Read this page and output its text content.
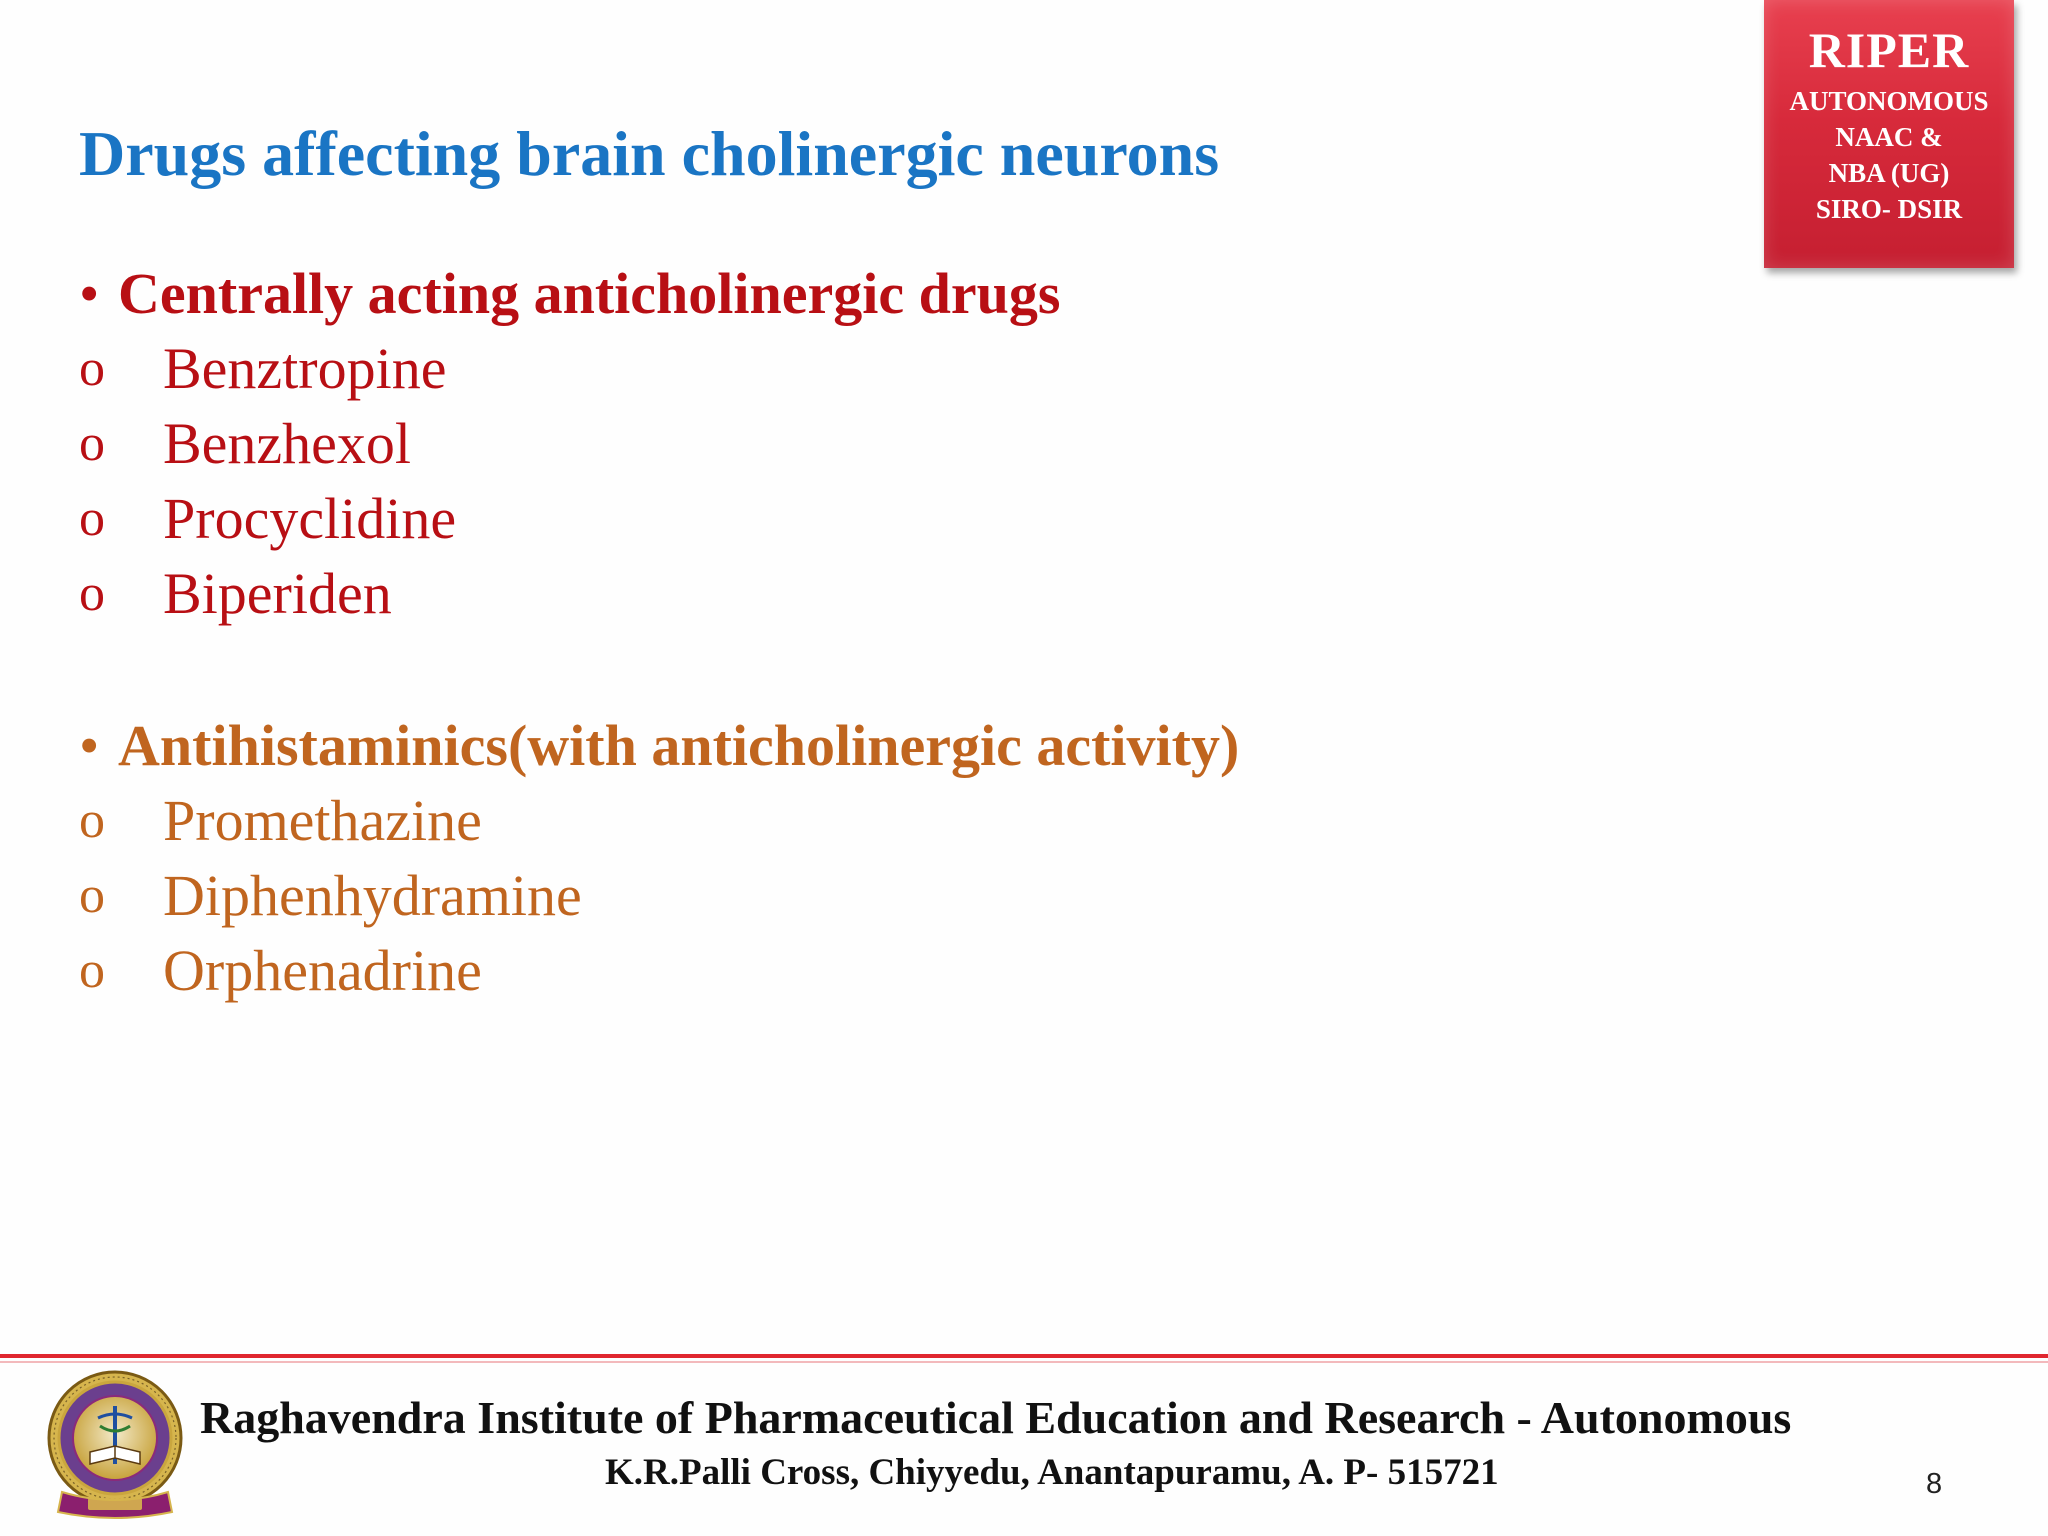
RIPER
AUTONOMOUS
NAAC &
NBA (UG)
SIRO- DSIR
Drugs affecting brain cholinergic neurons
• Centrally acting anticholinergic drugs
o Benztropine
o Benzhexol
o Procyclidine
o Biperiden
• Antihistaminics(with anticholinergic activity)
o Promethazine
o Diphenhydramine
o Orphenadrine
Raghavendra Institute of Pharmaceutical Education and Research - Autonomous
K.R.Palli Cross, Chiyyedu, Anantapuramu, A. P- 515721	8
